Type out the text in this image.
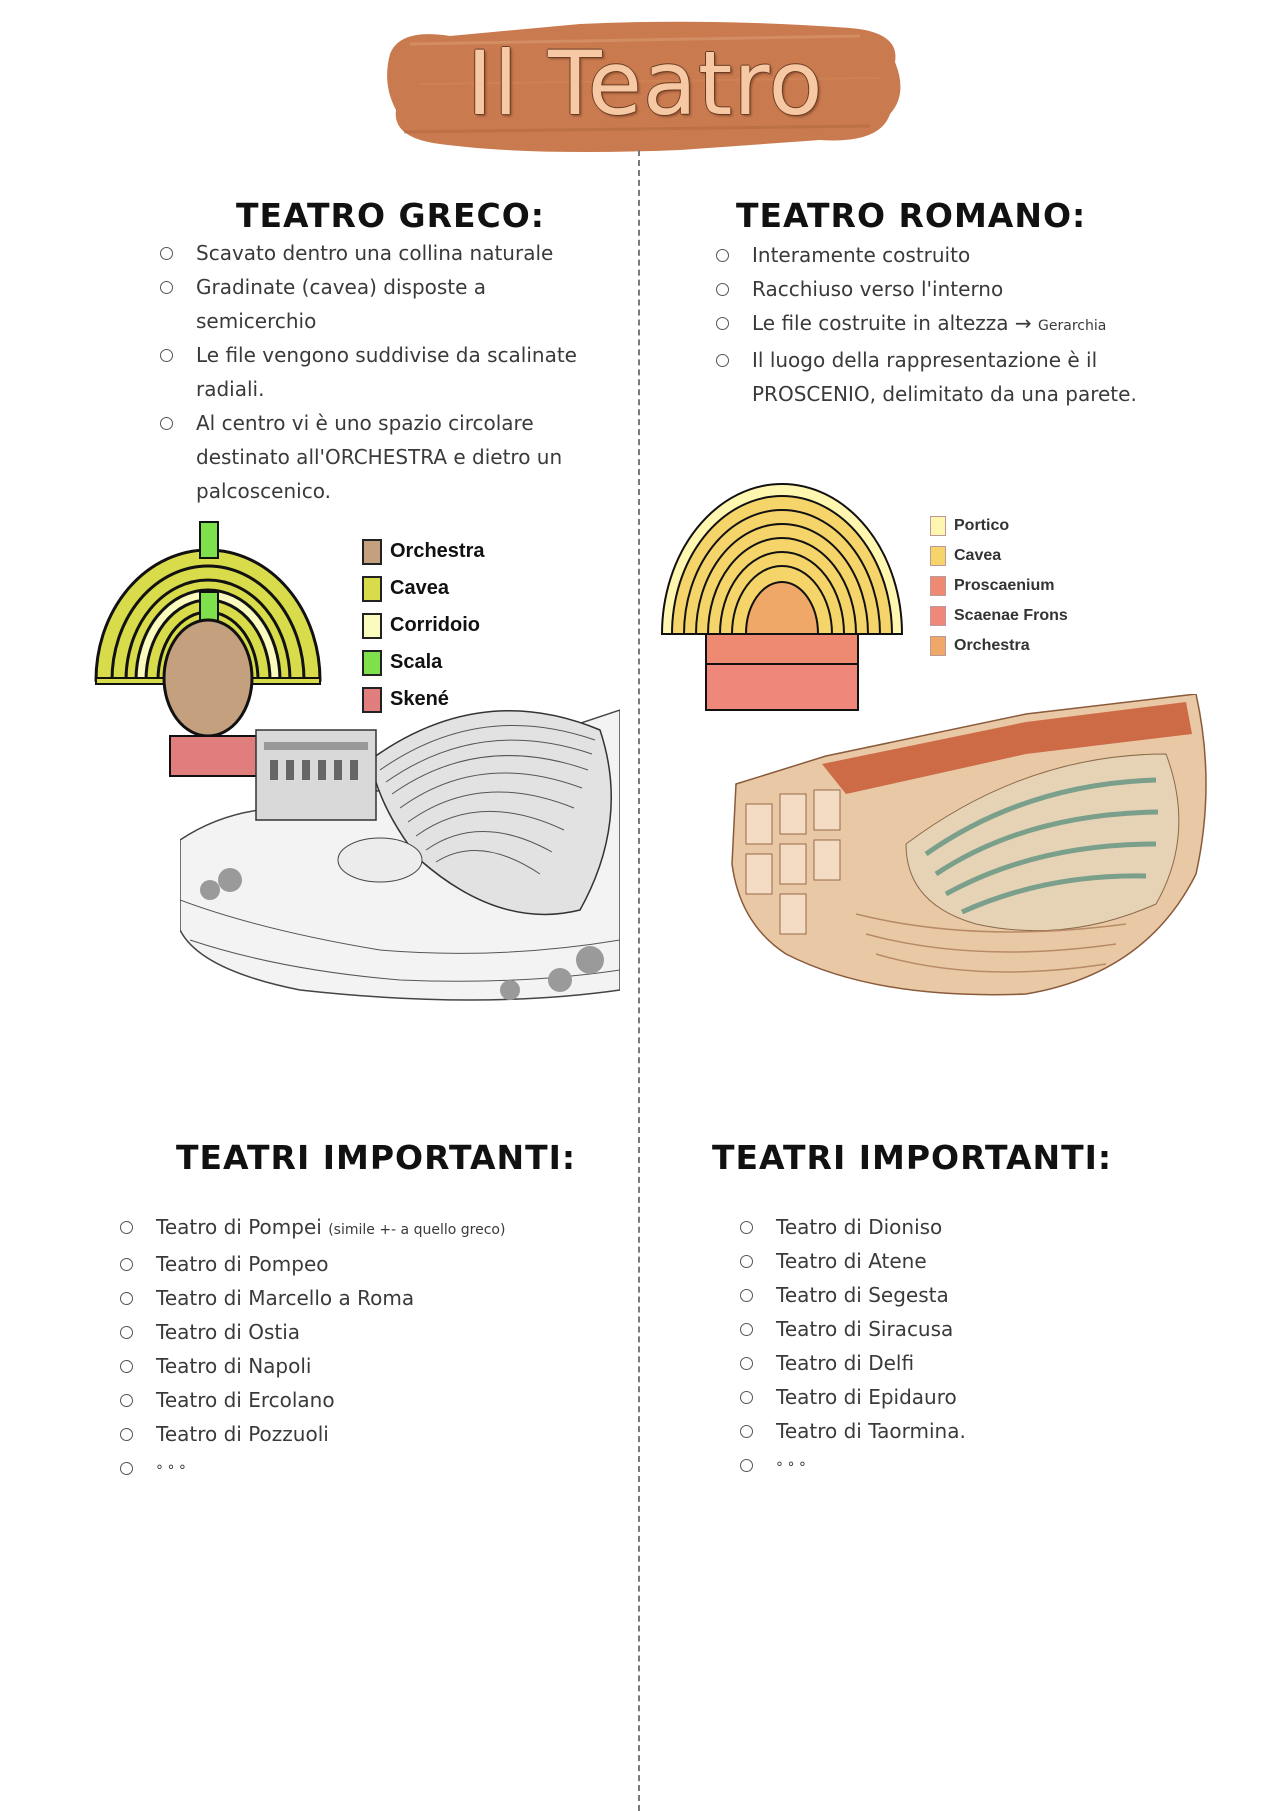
Il Teatro
TEATRO GRECO:
Scavato dentro una collina naturale
Gradinate (cavea) disposte a semicerchio
Le file vengono suddivise da scalinate radiali.
Al centro vi è uno spazio circolare destinato all'ORCHESTRA e dietro un palcoscenico.
Orchestra
Cavea
Corridoio
Scala
Skené
TEATRO ROMANO:
Interamente costruito
Racchiuso verso l'interno
Le file costruite in altezza → Gerarchia
Il luogo della rappresentazione è il PROSCENIO, delimitato da una parete.
Portico
Cavea
Proscaenium
Scaenae Frons
Orchestra
TEATRI IMPORTANTI:
Teatro di Pompei (simile +- a quello greco)
Teatro di Pompeo
Teatro di Marcello a Roma
Teatro di Ostia
Teatro di Napoli
Teatro di Ercolano
Teatro di Pozzuoli
° ° °
TEATRI IMPORTANTI:
Teatro di Dioniso
Teatro di Atene
Teatro di Segesta
Teatro di Siracusa
Teatro di Delfi
Teatro di Epidauro
Teatro di Taormina.
° ° °
